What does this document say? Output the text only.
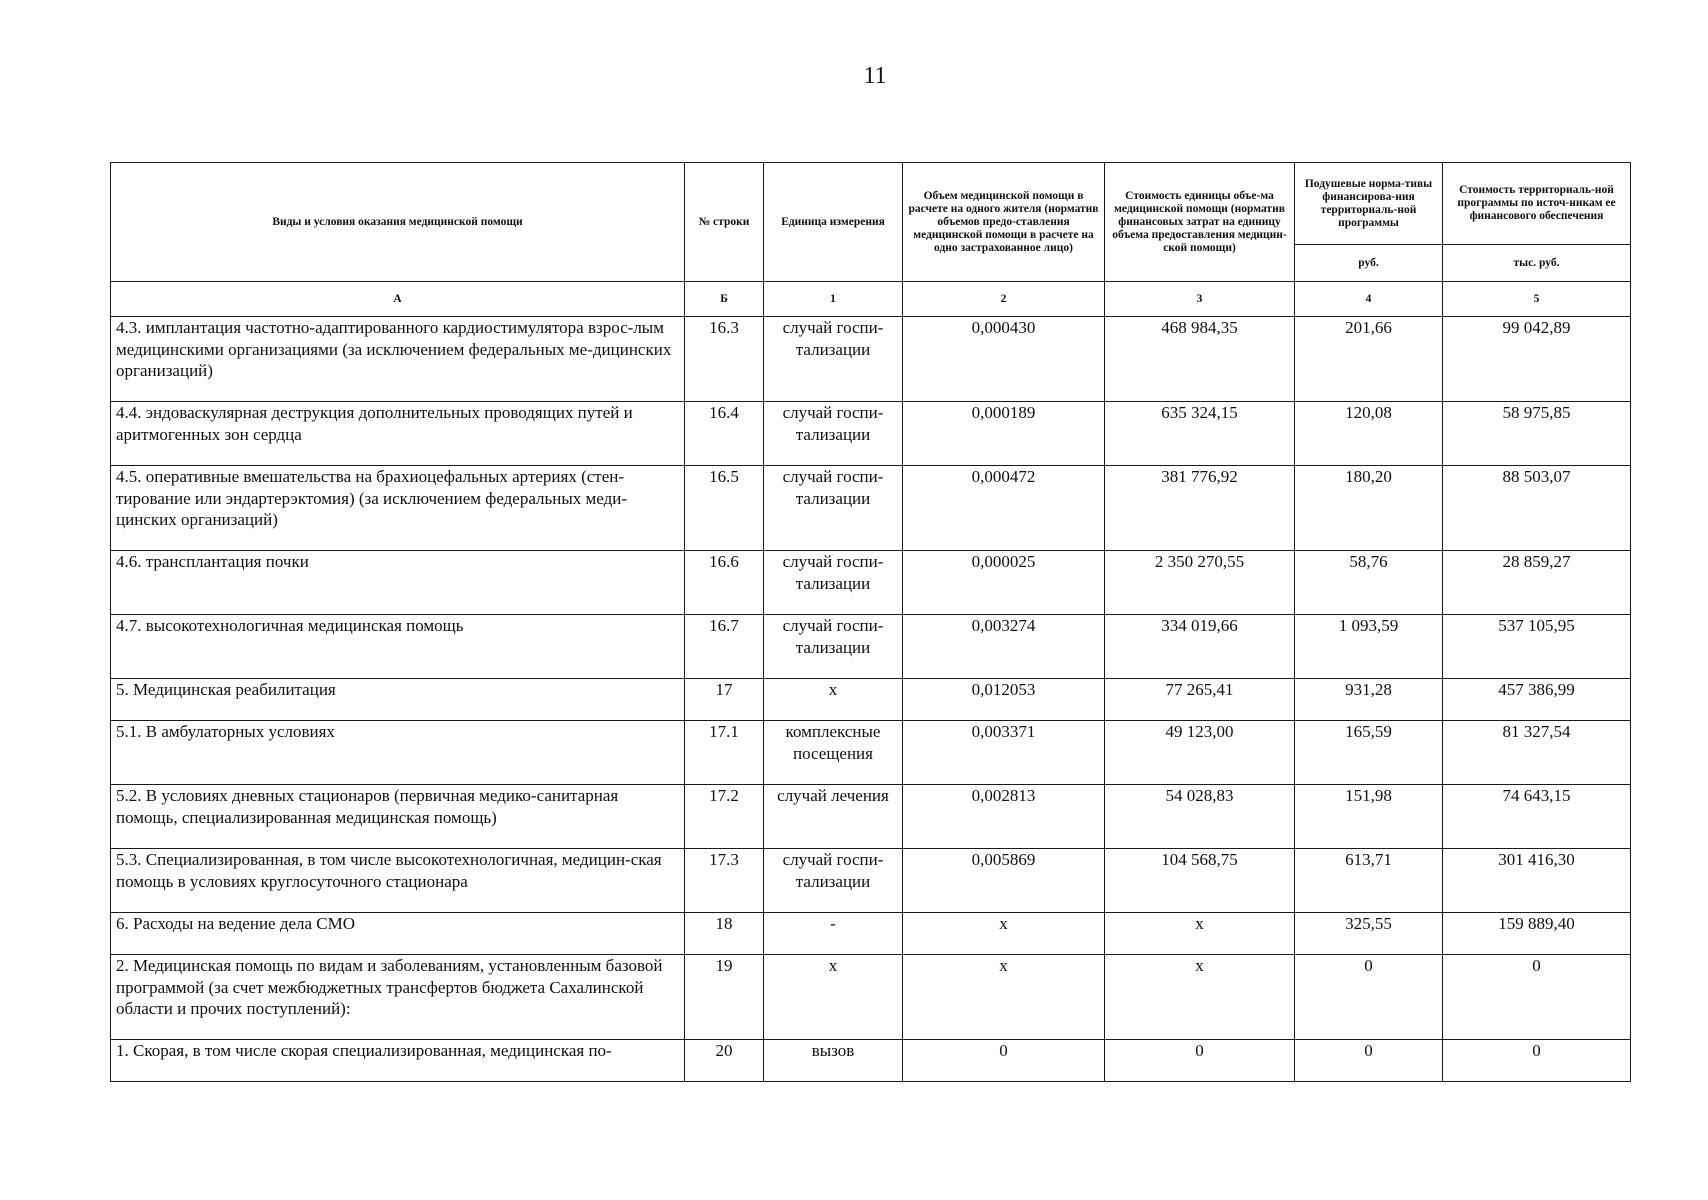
11
Виды и условия оказания медицинской помощи	№ строки	Единица измерения	Объем медицинской помощи в расчете на одного жителя (норматив объемов предо-ставления медицинской помощи в расчете на одно застрахованное лицо)	Стоимость единицы объе-ма медицинской помощи (норматив финансовых затрат на единицу объема предоставления медицин-ской помощи)	Подушевые норма-тивы финансирова-ния территориаль-ной программы	Стоимость территориаль-ной программы по источ-никам ее финансового обеспечения
					руб.	тыс. руб.
А	Б	1	2	3	4	5
4.3. имплантация частотно-адаптированного кардиостимулятора взрос-лым медицинскими организациями (за исключением федеральных ме-дицинских организаций)	16.3	случай госпи-тализации	0,000430	468 984,35	201,66	99 042,89
4.4. эндоваскулярная деструкция дополнительных проводящих путей и аритмогенных зон сердца	16.4	случай госпи-тализации	0,000189	635 324,15	120,08	58 975,85
4.5. оперативные вмешательства на брахиоцефальных артериях (стен-тирование или эндартерэктомия) (за исключением федеральных меди-цинских организаций)	16.5	случай госпи-тализации	0,000472	381 776,92	180,20	88 503,07
4.6. трансплантация почки	16.6	случай госпи-тализации	0,000025	2 350 270,55	58,76	28 859,27
4.7. высокотехнологичная медицинская помощь	16.7	случай госпи-тализации	0,003274	334 019,66	1 093,59	537 105,95
5. Медицинская реабилитация	17	х	0,012053	77 265,41	931,28	457 386,99
5.1. В амбулаторных условиях	17.1	комплексные посещения	0,003371	49 123,00	165,59	81 327,54
5.2. В условиях дневных стационаров (первичная медико-санитарная помощь, специализированная медицинская помощь)	17.2	случай лечения	0,002813	54 028,83	151,98	74 643,15
5.3. Специализированная, в том числе высокотехнологичная, медицин-ская помощь в условиях круглосуточного стационара	17.3	случай госпи-тализации	0,005869	104 568,75	613,71	301 416,30
6. Расходы на ведение дела СМО	18	-	х	х	325,55	159 889,40
2. Медицинская помощь по видам и заболеваниям, установленным базовой программой (за счет межбюджетных трансфертов бюджета Сахалинской области и прочих поступлений):	19	х	х	х	0	0
1. Скорая, в том числе скорая специализированная, медицинская по-	20	вызов	0	0	0	0
